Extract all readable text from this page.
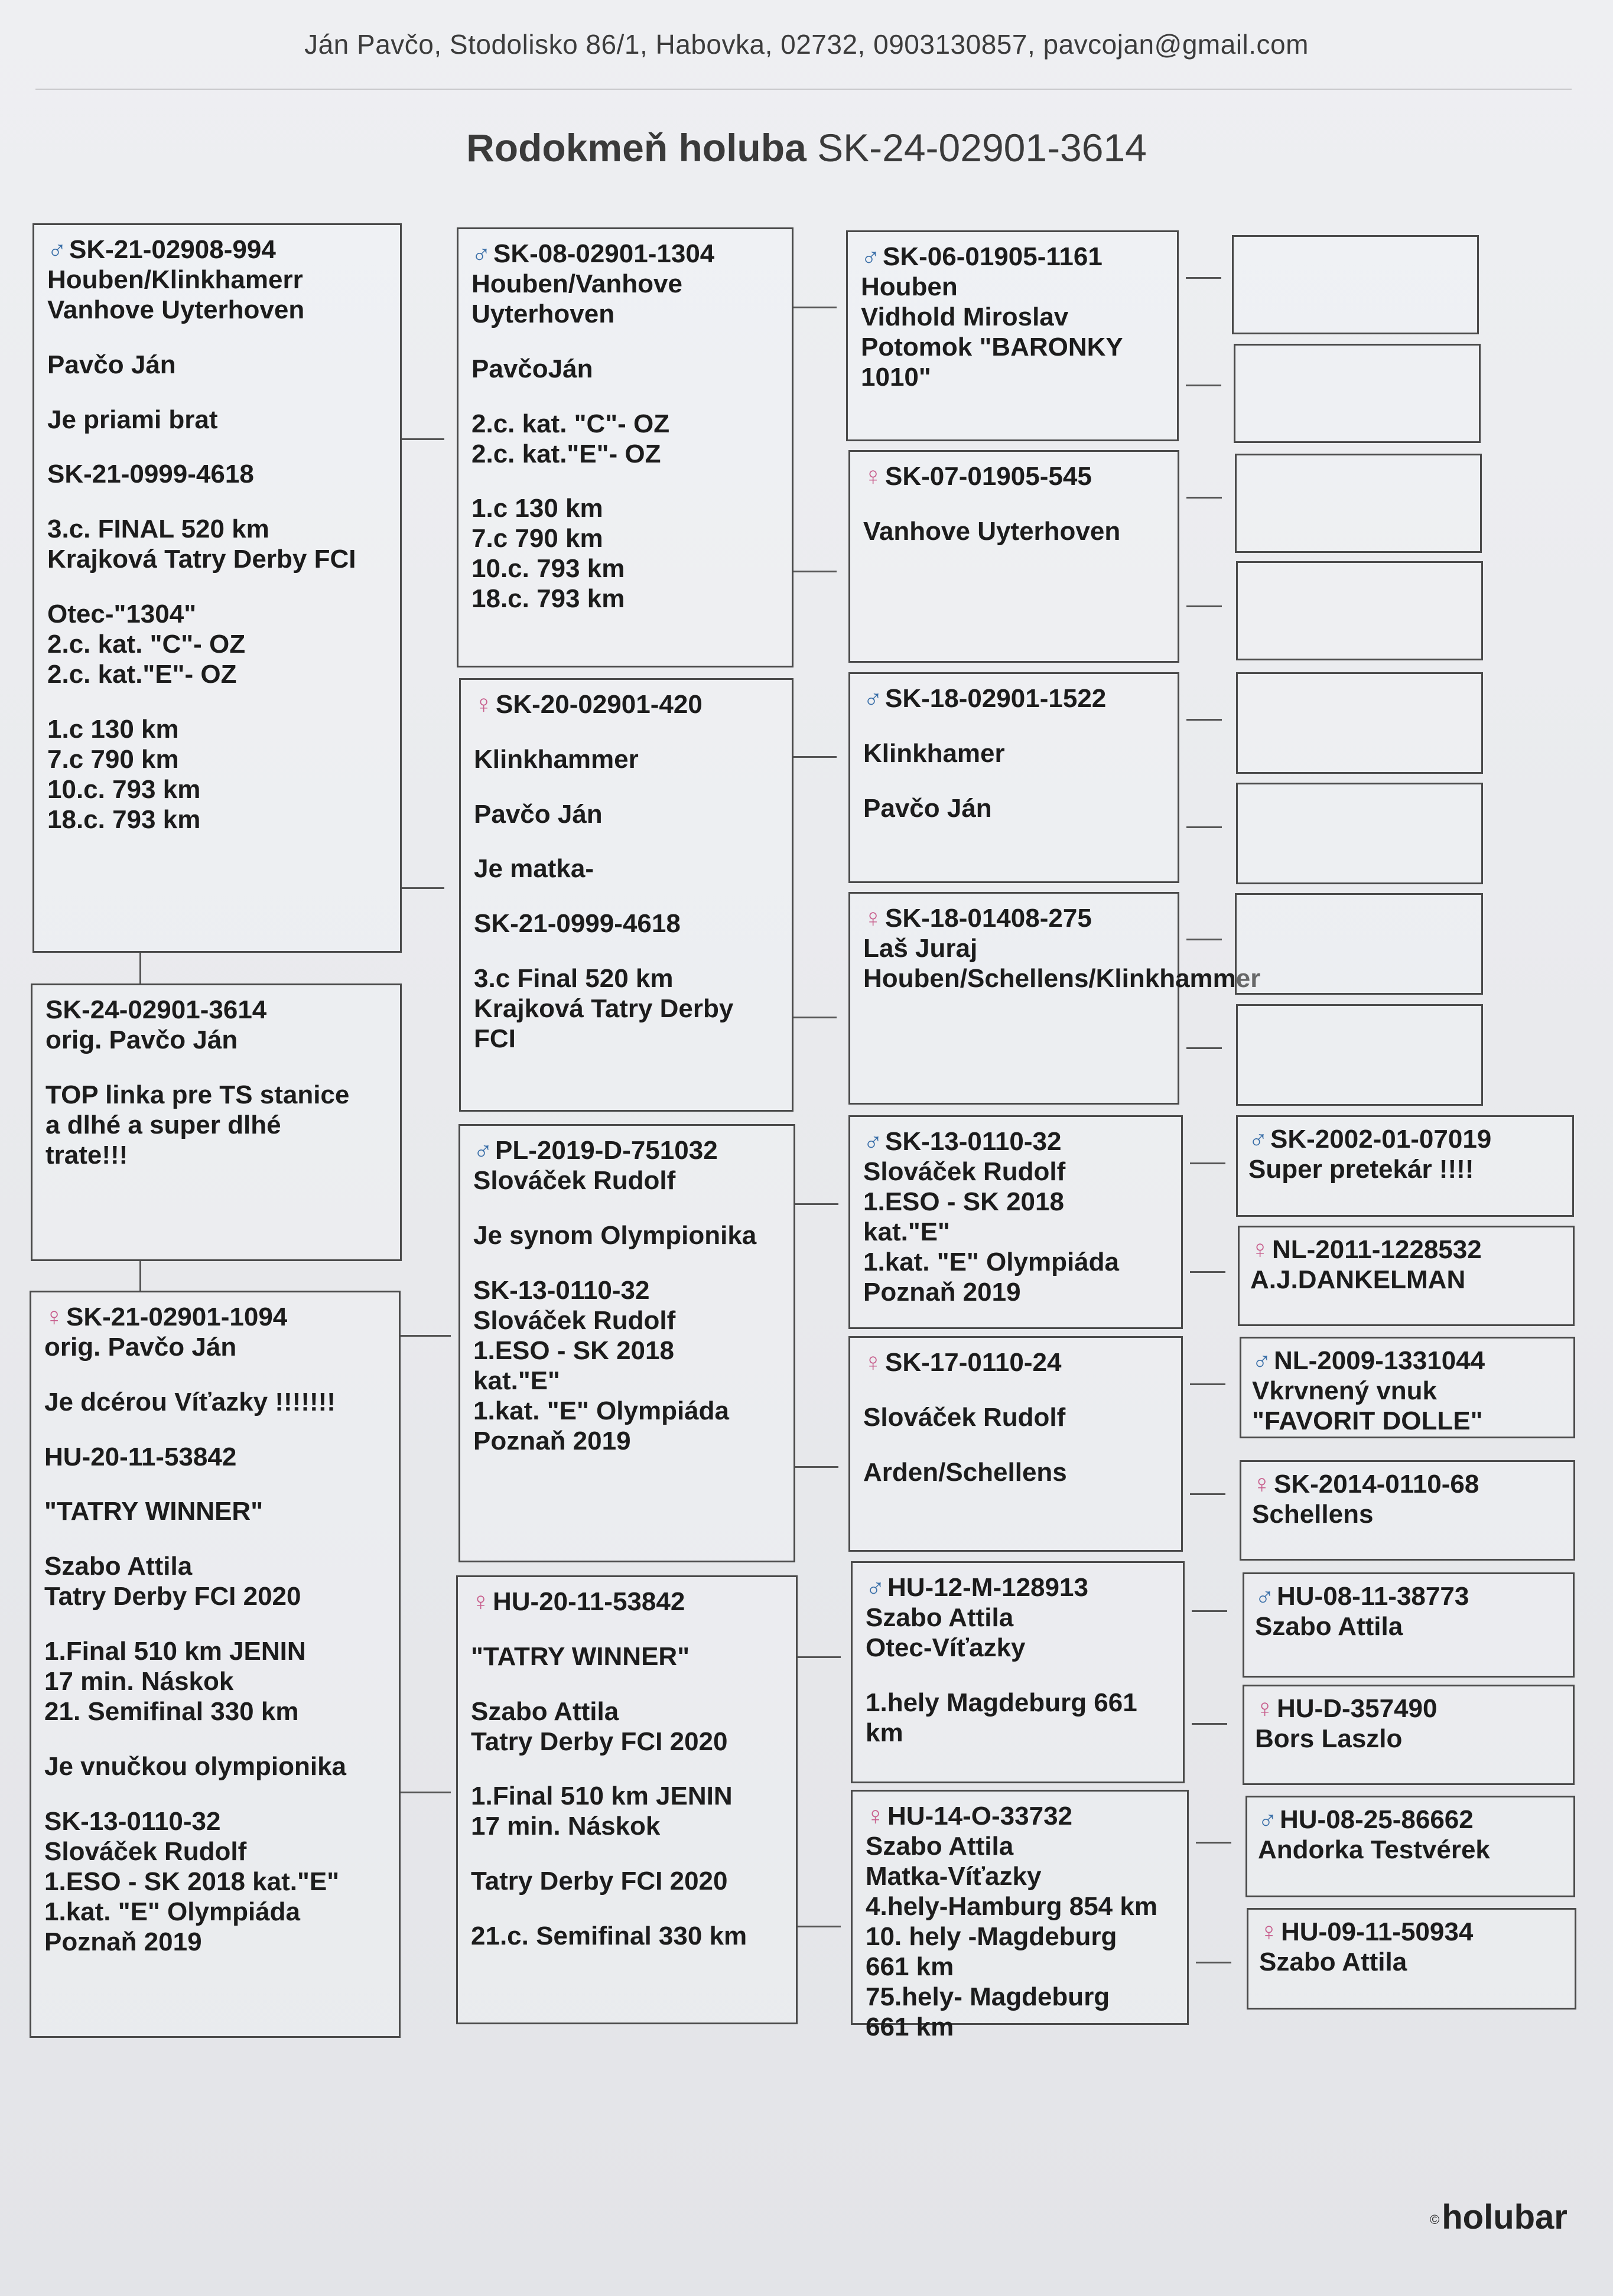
Ján Pavčo, Stodolisko 86/1, Habovka, 02732, 0903130857, pavcojan@gmail.com
Rodokmeň holuba SK-24-02901-3614
♂SK-21-02908-994
Houben/Klinkhamerr
Vanhove Uyterhoven
Pavčo Ján
Je priami brat
SK-21-0999-4618
3.c. FINAL 520 km
Krajková Tatry Derby FCI
Otec-"1304"
2.c. kat. "C"- OZ
2.c. kat."E"- OZ
1.c 130 km
7.c 790 km
10.c. 793 km
18.c. 793 km
SK-24-02901-3614
orig. Pavčo Ján
TOP linka pre TS stanice
a dlhé a super dlhé
trate!!!
♀SK-21-02901-1094
orig. Pavčo Ján
Je dcérou Víťazky !!!!!!!
HU-20-11-53842
"TATRY WINNER"
Szabo Attila
Tatry Derby FCI 2020
1.Final 510 km JENIN
17 min. Náskok
21. Semifinal 330 km
Je vnučkou olympionika
SK-13-0110-32
Slováček Rudolf
1.ESO - SK 2018 kat."E"
1.kat. "E" Olympiáda
Poznaň 2019
♂SK-08-02901-1304
Houben/Vanhove
Uyterhoven
PavčoJán
2.c. kat. "C"- OZ
2.c. kat."E"- OZ
1.c 130 km
7.c 790 km
10.c. 793 km
18.c. 793 km
♀SK-20-02901-420
Klinkhammer
Pavčo Ján
Je matka-
SK-21-0999-4618
3.c Final 520 km
Krajková Tatry Derby
FCI
♂PL-2019-D-751032
Slováček Rudolf
Je synom Olympionika
SK-13-0110-32
Slováček Rudolf
1.ESO - SK 2018
kat."E"
1.kat. "E" Olympiáda
Poznaň 2019
♀HU-20-11-53842
"TATRY WINNER"
Szabo Attila
Tatry Derby FCI 2020
1.Final 510 km JENIN
17 min. Náskok
Tatry Derby FCI 2020
21.c. Semifinal 330 km
♂SK-06-01905-1161
Houben
Vidhold Miroslav
Potomok "BARONKY
1010"
♀SK-07-01905-545
Vanhove Uyterhoven
♂SK-18-02901-1522
Klinkhamer
Pavčo Ján
♀SK-18-01408-275
Laš Juraj
Houben/Schellens/Klinkhammer
♂SK-13-0110-32
Slováček Rudolf
1.ESO - SK 2018
kat."E"
1.kat. "E" Olympiáda
Poznaň 2019
♀SK-17-0110-24
Slováček Rudolf
Arden/Schellens
♂HU-12-M-128913
Szabo Attila
Otec-Víťazky
1.hely Magdeburg 661
km
♀HU-14-O-33732
Szabo Attila
Matka-Víťazky
4.hely-Hamburg 854 km
10. hely -Magdeburg
661 km
75.hely- Magdeburg
661 km
♂SK-2002-01-07019
Super pretekár !!!!
♀NL-2011-1228532
A.J.DANKELMAN
♂NL-2009-1331044
Vkrvnený vnuk
"FAVORIT DOLLE"
♀SK-2014-0110-68
Schellens
♂HU-08-11-38773
Szabo Attila
♀HU-D-357490
Bors Laszlo
♂HU-08-25-86662
Andorka Testvérek
♀HU-09-11-50934
Szabo Attila
©holubar
